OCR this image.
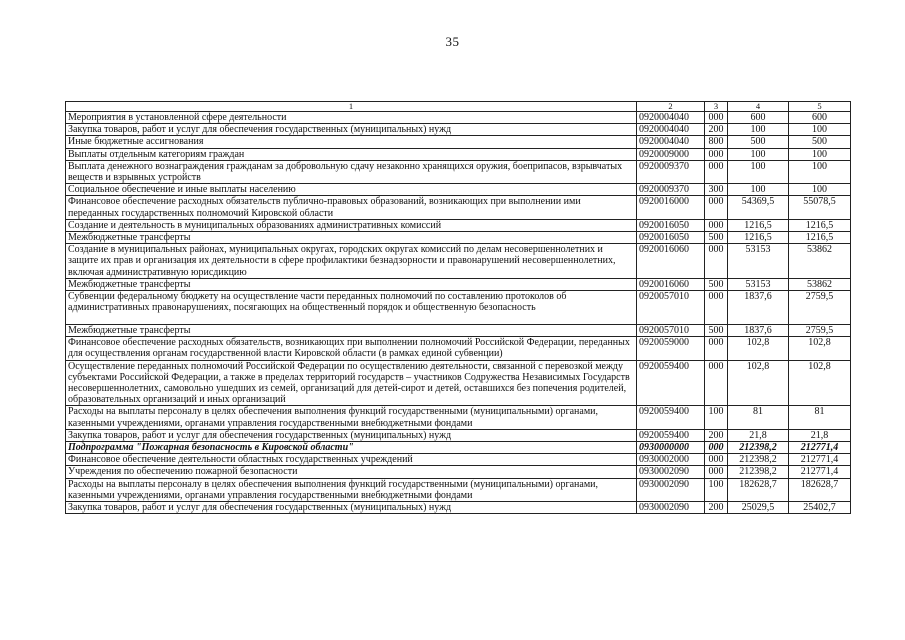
35
1	2	3	4	5
Мероприятия в установленной сфере деятельности	0920004040	000	600	600
Закупка товаров, работ и услуг для обеспечения государственных (муниципальных) нужд	0920004040	200	100	100
Иные бюджетные ассигнования	0920004040	800	500	500
Выплаты отдельным категориям граждан	0920009000	000	100	100
Выплата денежного вознаграждения гражданам за добровольную сдачу незаконно хранящихся оружия, боеприпасов, взрывчатых веществ и взрывных устройств	0920009370	000	100	100
Социальное обеспечение и иные выплаты населению	0920009370	300	100	100
Финансовое обеспечение расходных обязательств публично-правовых образований, возникающих при выполнении ими переданных государственных полномочий Кировской области	0920016000	000	54369,5	55078,5
Создание и деятельность в муниципальных образованиях административных комиссий	0920016050	000	1216,5	1216,5
Межбюджетные трансферты	0920016050	500	1216,5	1216,5
Создание в муниципальных районах, муниципальных округах, городских округах комиссий по делам несовершеннолетних и защите их прав и организация их деятельности в сфере профилактики безнадзорности и правонарушений несовершеннолетних, включая административную юрисдикцию	0920016060	000	53153	53862
Межбюджетные трансферты	0920016060	500	53153	53862
Субвенции федеральному бюджету на осуществление части переданных полномочий по составлению протоколов об административных правонарушениях, посягающих на общественный порядок и общественную безопасность	0920057010	000	1837,6	2759,5
Межбюджетные трансферты	0920057010	500	1837,6	2759,5
Финансовое обеспечение расходных обязательств, возникающих при выполнении полномочий Российской Федерации, переданных для осуществления органам государственной власти Кировской области (в рамках единой субвенции)	0920059000	000	102,8	102,8
Осуществление переданных полномочий Российской Федерации по осуществлению деятельности, связанной с перевозкой между субъектами Российской Федерации, а также в пределах территорий государств – участников Содружества Независимых Государств несовершеннолетних, самовольно ушедших из семей, организаций для детей-сирот и детей, оставшихся без попечения родителей, образовательных организаций и иных организаций	0920059400	000	102,8	102,8
Расходы на выплаты персоналу в целях обеспечения выполнения функций государственными (муниципальными) органами, казенными учреждениями, органами управления государственными внебюджетными фондами	0920059400	100	81	81
Закупка товаров, работ и услуг для обеспечения государственных (муниципальных) нужд	0920059400	200	21,8	21,8
Подпрограмма "Пожарная безопасность в Кировской области"	0930000000	000	212398,2	212771,4
Финансовое обеспечение деятельности областных государственных учреждений	0930002000	000	212398,2	212771,4
Учреждения по обеспечению пожарной безопасности	0930002090	000	212398,2	212771,4
Расходы на выплаты персоналу в целях обеспечения выполнения функций государственными (муниципальными) органами, казенными учреждениями, органами управления государственными внебюджетными фондами	0930002090	100	182628,7	182628,7
Закупка товаров, работ и услуг для обеспечения государственных (муниципальных) нужд	0930002090	200	25029,5	25402,7
